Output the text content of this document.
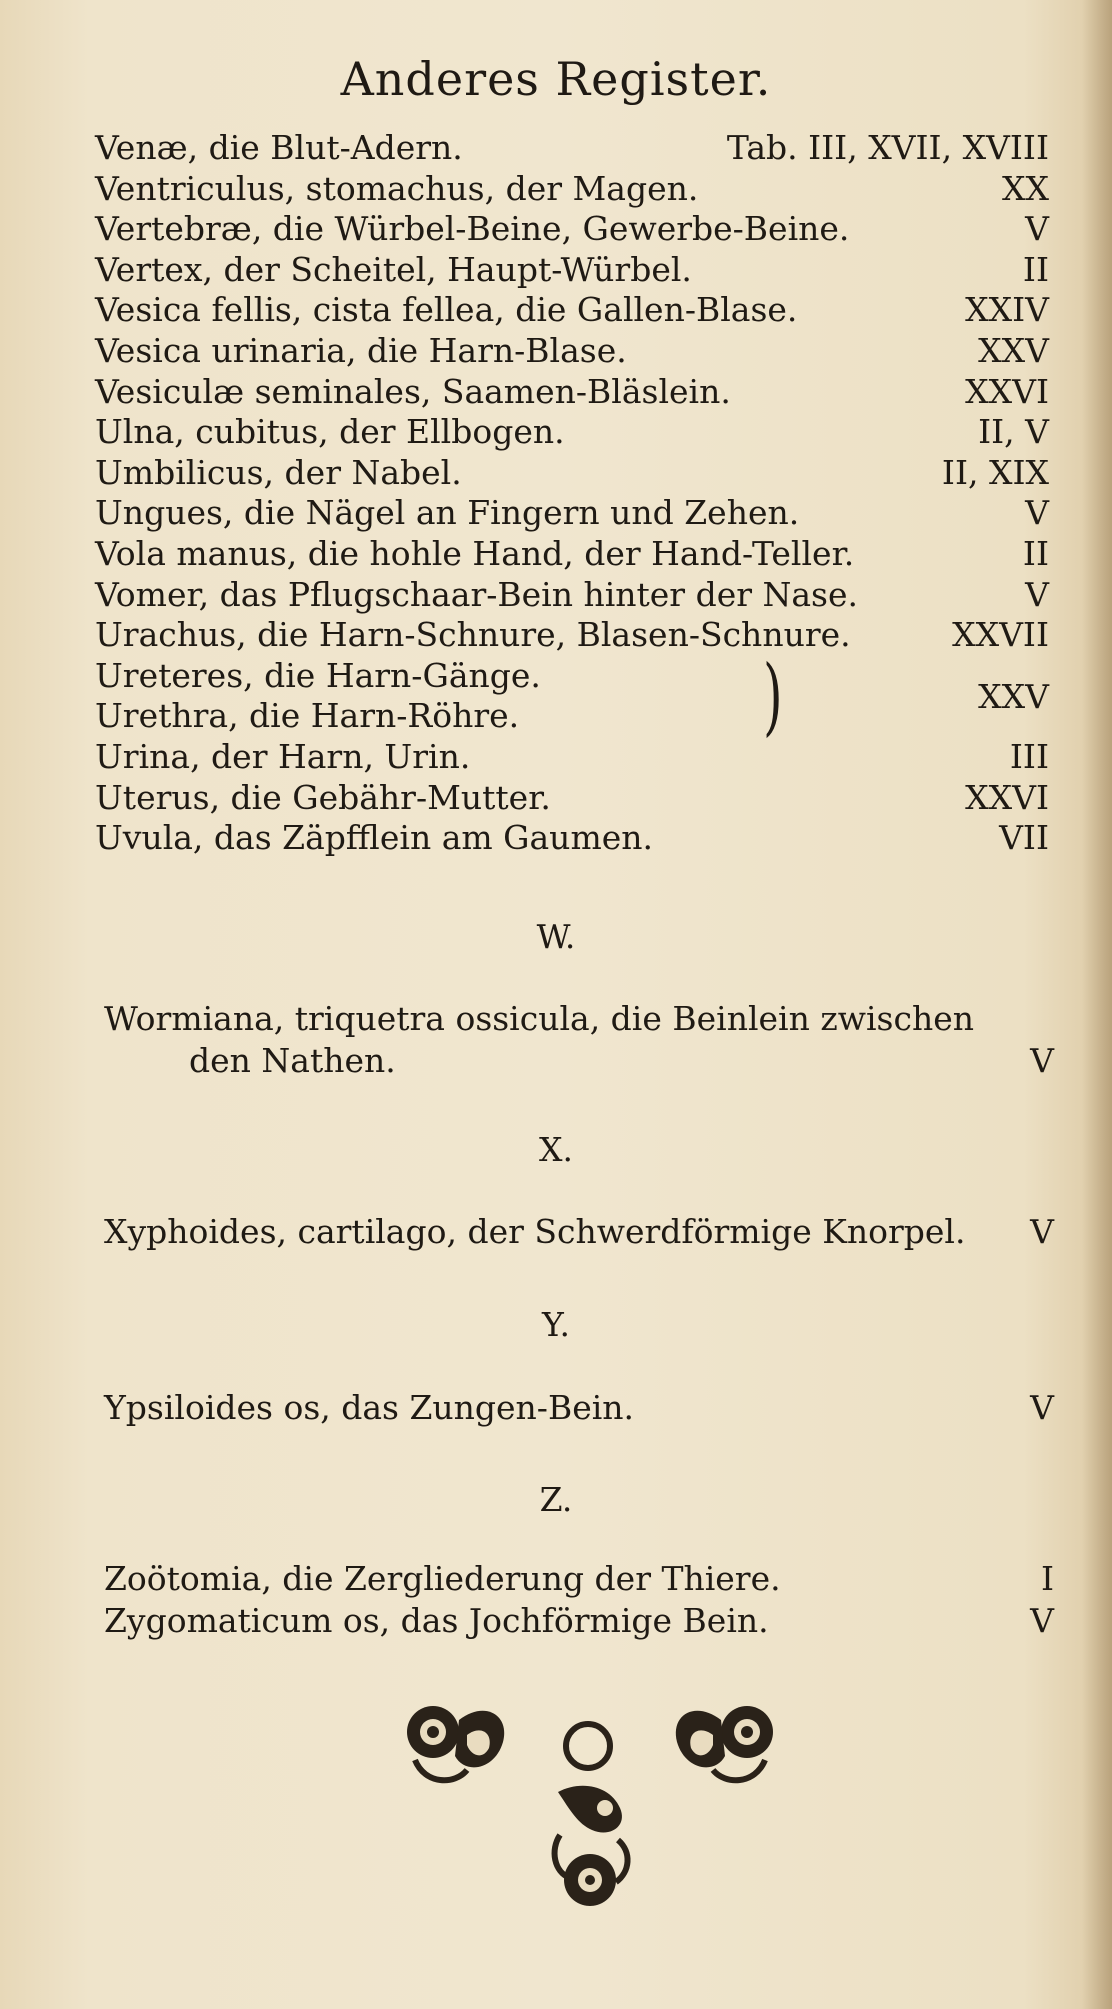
Anderes Register.
Venæ, die Blut-Adern.	Tab. III, XVII, XVIII
Ventriculus, stomachus, der Magen.	XX
Vertebræ, die Würbel-Beine, Gewerbe-Beine.	V
Vertex, der Scheitel, Haupt-Würbel.	II
Vesica fellis, cista fellea, die Gallen-Blase.	XXIV
Vesica urinaria, die Harn-Blase.	XXV
Vesiculæ seminales, Saamen-Bläslein.	XXVI
Ulna, cubitus, der Ellbogen.	II, V
Umbilicus, der Nabel.	II, XIX
Ungues, die Nägel an Fingern und Zehen.	V
Vola manus, die hohle Hand, der Hand-Teller.	II
Vomer, das Pflugschaar-Bein hinter der Nase.	V
Urachus, die Harn-Schnure, Blasen-Schnure.	XXVII
Ureteres, die Harn-Gänge.
Urethra, die Harn-Röhre.	)	XXV
Urina, der Harn, Urin.	III
Uterus, die Gebähr-Mutter.	XXVI
Uvula, das Zäpfflein am Gaumen.	VII
W.
Wormiana, triquetra ossicula, die Beinlein zwischen
den Nathen.	V
X.
Xyphoides, cartilago, der Schwerdförmige Knorpel. V
Y.
Ypsiloides os, das Zungen-Bein.	V
Z.
Zoötomia, die Zergliederung der Thiere.	I
Zygomaticum os, das Jochförmige Bein.	V
